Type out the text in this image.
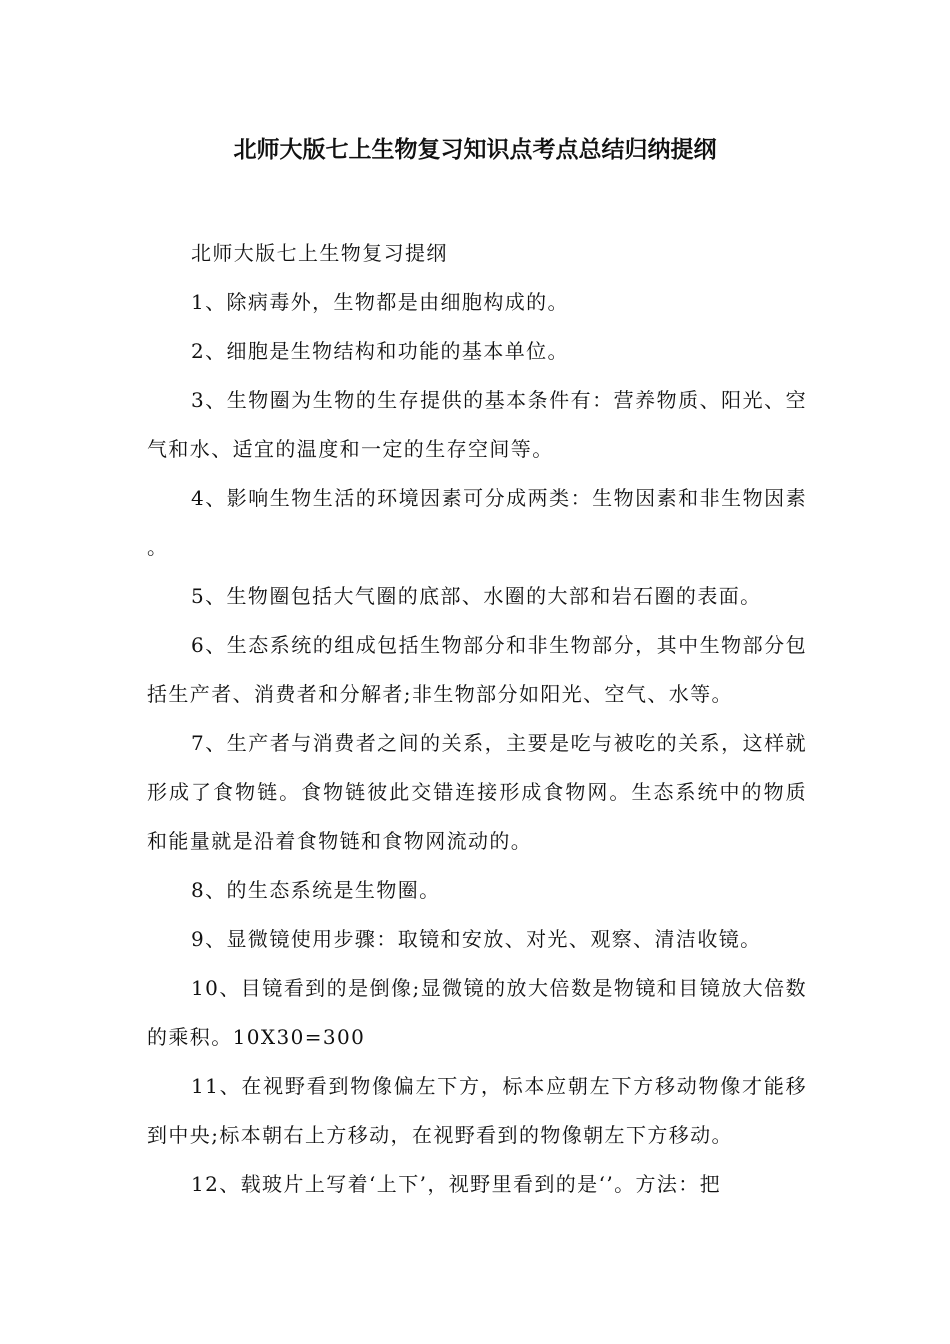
北师大版七上生物复习知识点考点总结归纳提纲

北师大版七上生物复习提纲

1、除病毒外，生物都是由细胞构成的。

2、细胞是生物结构和功能的基本单位。

3、生物圈为生物的生存提供的基本条件有：营养物质、阳光、空气和水、适宜的温度和一定的生存空间等。

4、影响生物生活的环境因素可分成两类：生物因素和非生物因素。

5、生物圈包括大气圈的底部、水圈的大部和岩石圈的表面。

6、生态系统的组成包括生物部分和非生物部分，其中生物部分包括生产者、消费者和分解者;非生物部分如阳光、空气、水等。

7、生产者与消费者之间的关系，主要是吃与被吃的关系，这样就形成了食物链。食物链彼此交错连接形成食物网。生态系统中的物质和能量就是沿着食物链和食物网流动的。

8、的生态系统是生物圈。

9、显微镜使用步骤：取镜和安放、对光、观察、清洁收镜。

10、目镜看到的是倒像;显微镜的放大倍数是物镜和目镜放大倍数的乘积。10X30=300

11、在视野看到物像偏左下方，标本应朝左下方移动物像才能移到中央;标本朝右上方移动，在视野看到的物像朝左下方移动。

12、载玻片上写着‘上下’，视野里看到的是‘’。方法：把
